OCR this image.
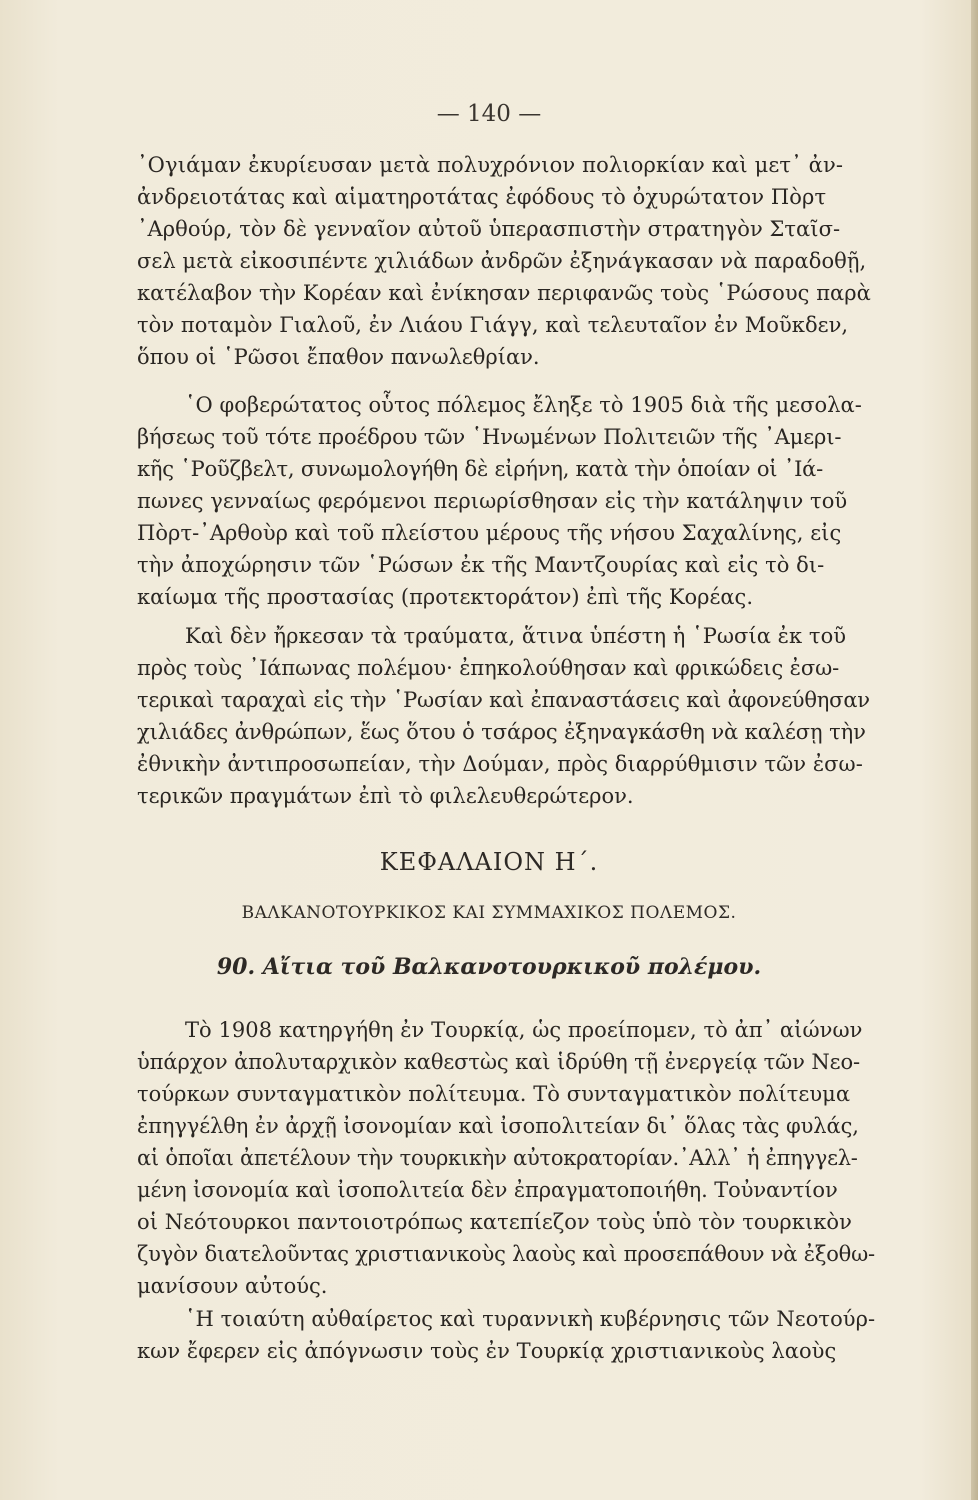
— 140 —
᾿Ογιάμαν ἐκυρίευσαν μετὰ πολυχρόνιον πολιορκίαν καὶ μετ᾿ ἀν-
ἀνδρειοτάτας καὶ αἱματηροτάτας ἐφόδους τὸ ὀχυρώτατον Πὸρτ
᾿Αρθούρ, τὸν δὲ γενναῖον αὐτοῦ ὑπερασπιστὴν στρατηγὸν Σταῖσ-
σελ μετὰ εἰκοσιπέντε χιλιάδων ἀνδρῶν ἐξηνάγκασαν νὰ παραδοθῇ,
κατέλαβον τὴν Κορέαν καὶ ἐνίκησαν περιφανῶς τοὺς ῾Ρώσους παρὰ
τὸν ποταμὸν Γιαλοῦ, ἐν Λιάου Γιάγγ, καὶ τελευταῖον ἐν Μοῦκδεν,
ὅπου οἱ ῾Ρῶσοι ἔπαθον πανωλεθρίαν.
῾Ο φοβερώτατος οὗτος πόλεμος ἔληξε τὸ 1905 διὰ τῆς μεσολα-
βήσεως τοῦ τότε προέδρου τῶν ῾Ηνωμένων Πολιτειῶν τῆς ᾿Αμερι-
κῆς ῾Ροῦζβελτ, συνωμολογήθη δὲ εἰρήνη, κατὰ τὴν ὁποίαν οἱ ᾿Ιά-
πωνες γενναίως φερόμενοι περιωρίσθησαν εἰς τὴν κατάληψιν τοῦ
Πὸρτ-᾿Αρθοὺρ καὶ τοῦ πλείστου μέρους τῆς νήσου Σαχαλίνης, εἰς
τὴν ἀποχώρησιν τῶν ῾Ρώσων ἐκ τῆς Μαντζουρίας καὶ εἰς τὸ δι-
καίωμα τῆς προστασίας (προτεκτοράτον) ἐπὶ τῆς Κορέας.
Καὶ δὲν ἤρκεσαν τὰ τραύματα, ἅτινα ὑπέστη ἡ ῾Ρωσία ἐκ τοῦ
πρὸς τοὺς ᾿Ιάπωνας πολέμου· ἐπηκολούθησαν καὶ φρικώδεις ἐσω-
τερικαὶ ταραχαὶ εἰς τὴν ῾Ρωσίαν καὶ ἐπαναστάσεις καὶ ἀφονεύθησαν
χιλιάδες ἀνθρώπων, ἕως ὅτου ὁ τσάρος ἐξηναγκάσθη νὰ καλέσῃ τὴν
ἐθνικὴν ἀντιπροσωπείαν, τὴν Δούμαν, πρὸς διαρρύθμισιν τῶν ἐσω-
τερικῶν πραγμάτων ἐπὶ τὸ φιλελευθερώτερον.
ΚΕΦΑΛΑΙΟΝ Η΄.
ΒΑΛΚΑΝΟΤΟΥΡΚΙΚΟΣ ΚΑΙ ΣΥΜΜΑΧΙΚΟΣ ΠΟΛΕΜΟΣ.
90. Αἴτια τοῦ Βαλκανοτουρκικοῦ πολέμου.
Τὸ 1908 κατηργήθη ἐν Τουρκίᾳ, ὡς προείπομεν, τὸ ἀπ᾿ αἰώνων
ὑπάρχον ἀπολυταρχικὸν καθεστὼς καὶ ἱδρύθη τῇ ἐνεργείᾳ τῶν Νεο-
τούρκων συνταγματικὸν πολίτευμα. Τὸ συνταγματικὸν πολίτευμα
ἐπηγγέλθη ἐν ἀρχῇ ἰσονομίαν καὶ ἰσοπολιτείαν δι᾿ ὅλας τὰς φυλάς,
αἱ ὁποῖαι ἀπετέλουν τὴν τουρκικὴν αὐτοκρατορίαν.᾿Αλλ᾿ ἡ ἐπηγγελ-
μένη ἰσονομία καὶ ἰσοπολιτεία δὲν ἐπραγματοποιήθη. Τοὐναντίον
οἱ Νεότουρκοι παντοιοτρόπως κατεπίεζον τοὺς ὑπὸ τὸν τουρκικὸν
ζυγὸν διατελοῦντας χριστιανικοὺς λαοὺς καὶ προσεπάθουν νὰ ἐξοθω-
μανίσουν αὐτούς.
῾Η τοιαύτη αὐθαίρετος καὶ τυραννικὴ κυβέρνησις τῶν Νεοτούρ-
κων ἔφερεν εἰς ἀπόγνωσιν τοὺς ἐν Τουρκίᾳ χριστιανικοὺς λαοὺς
